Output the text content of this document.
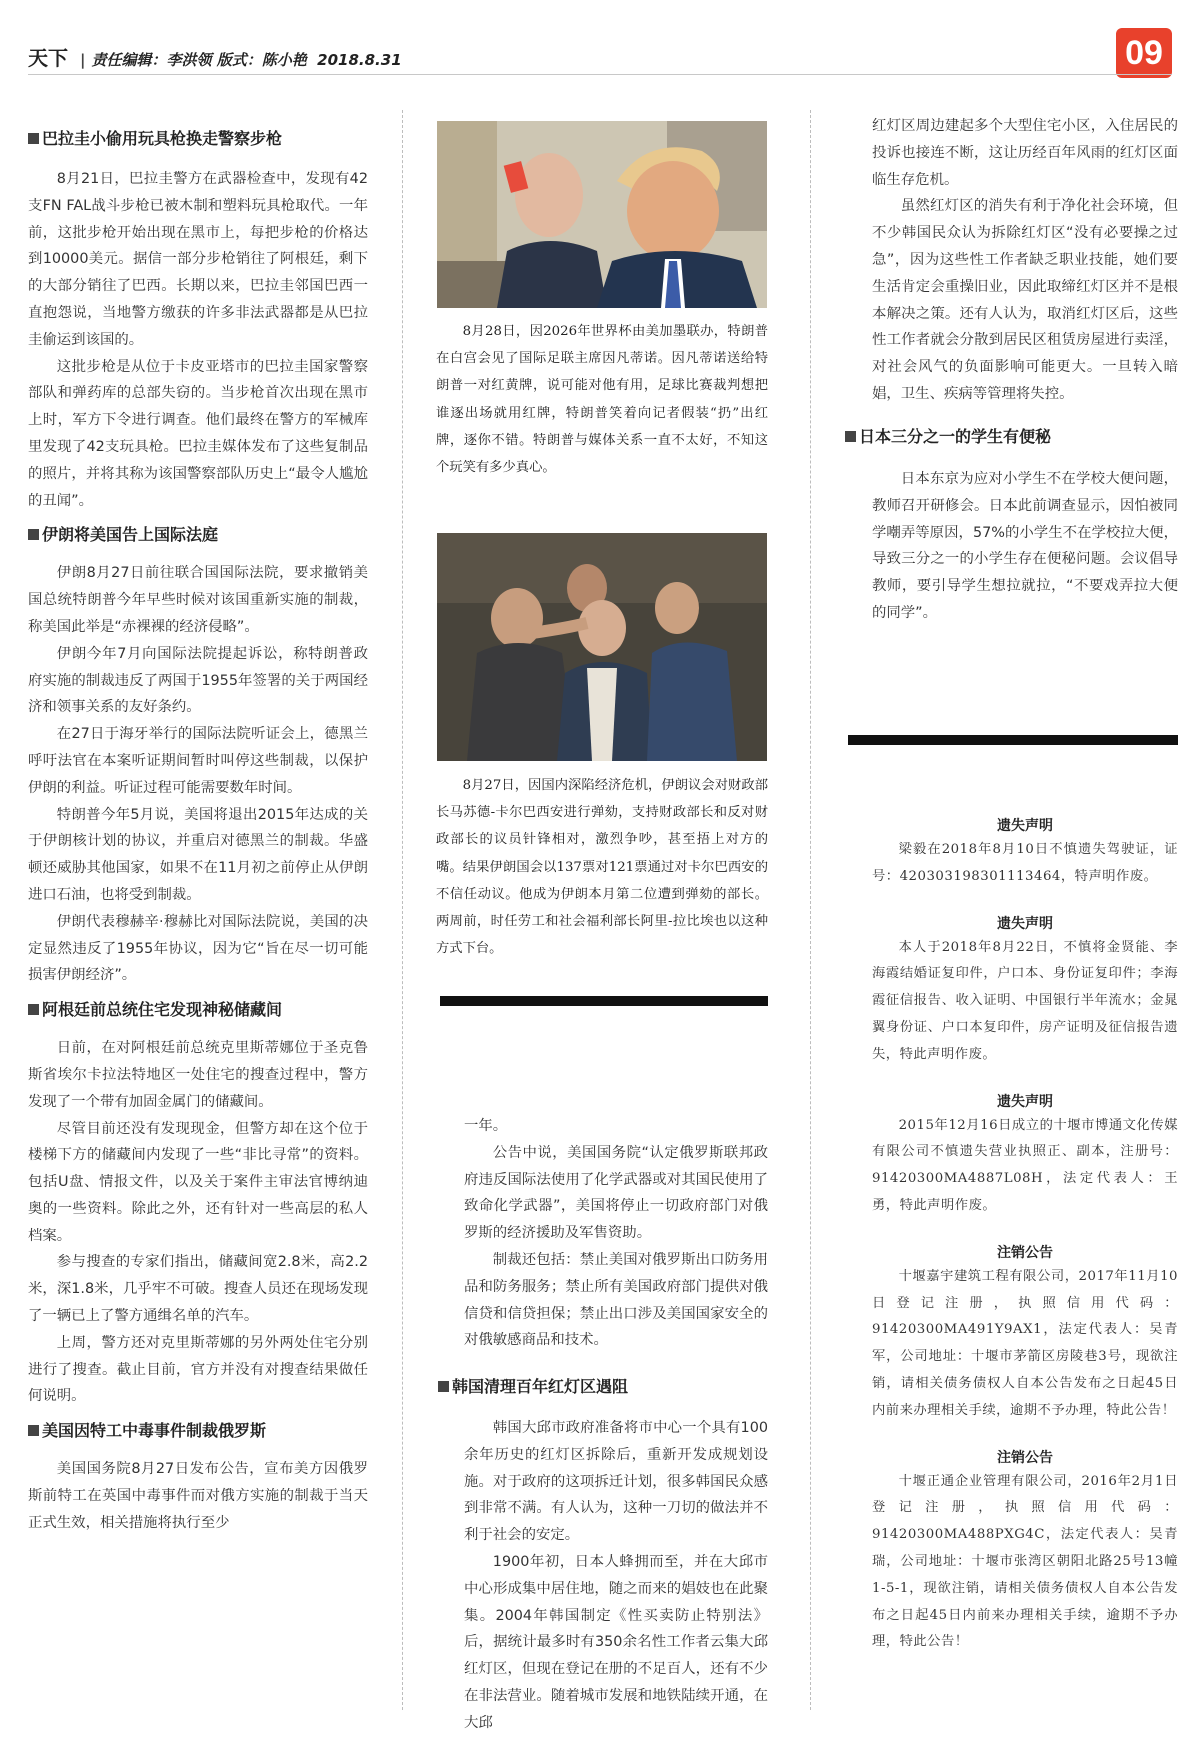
天下 | 责任编辑：李洪领 版式：陈小艳 2018.8.31	09
巴拉圭小偷用玩具枪换走警察步枪

8月21日，巴拉圭警方在武器检查中，发现有42支FN FAL战斗步枪已被木制和塑料玩具枪取代。一年前，这批步枪开始出现在黑市上，每把步枪的价格达到10000美元。据信一部分步枪销往了阿根廷，剩下的大部分销往了巴西。长期以来，巴拉圭邻国巴西一直抱怨说，当地警方缴获的许多非法武器都是从巴拉圭偷运到该国的。

这批步枪是从位于卡皮亚塔市的巴拉圭国家警察部队和弹药库的总部失窃的。当步枪首次出现在黑市上时，军方下令进行调查。他们最终在警方的军械库里发现了42支玩具枪。巴拉圭媒体发布了这些复制品的照片，并将其称为该国警察部队历史上“最令人尴尬的丑闻”。

伊朗将美国告上国际法庭

伊朗8月27日前往联合国国际法院，要求撤销美国总统特朗普今年早些时候对该国重新实施的制裁，称美国此举是“赤裸裸的经济侵略”。

伊朗今年7月向国际法院提起诉讼，称特朗普政府实施的制裁违反了两国于1955年签署的关于两国经济和领事关系的友好条约。

在27日于海牙举行的国际法院听证会上，德黑兰呼吁法官在本案听证期间暂时叫停这些制裁，以保护伊朗的利益。听证过程可能需要数年时间。

特朗普今年5月说，美国将退出2015年达成的关于伊朗核计划的协议，并重启对德黑兰的制裁。华盛顿还威胁其他国家，如果不在11月初之前停止从伊朗进口石油，也将受到制裁。

伊朗代表穆赫辛·穆赫比对国际法院说，美国的决定显然违反了1955年协议，因为它“旨在尽一切可能损害伊朗经济”。

阿根廷前总统住宅发现神秘储藏间

日前，在对阿根廷前总统克里斯蒂娜位于圣克鲁斯省埃尔卡拉法特地区一处住宅的搜查过程中，警方发现了一个带有加固金属门的储藏间。

尽管目前还没有发现现金，但警方却在这个位于楼梯下方的储藏间内发现了一些“非比寻常”的资料。包括U盘、情报文件，以及关于案件主审法官博纳迪奥的一些资料。除此之外，还有针对一些高层的私人档案。

参与搜查的专家们指出，储藏间宽2.8米，高2.2米，深1.8米，几乎牢不可破。搜查人员还在现场发现了一辆已上了警方通缉名单的汽车。

上周，警方还对克里斯蒂娜的另外两处住宅分别进行了搜查。截止目前，官方并没有对搜查结果做任何说明。

美国因特工中毒事件制裁俄罗斯

美国国务院8月27日发布公告，宣布美方因俄罗斯前特工在英国中毒事件而对俄方实施的制裁于当天正式生效，相关措施将执行至少

8月28日，因2026年世界杯由美加墨联办，特朗普在白宫会见了国际足联主席因凡蒂诺。因凡蒂诺送给特朗普一对红黄牌，说可能对他有用，足球比赛裁判想把谁逐出场就用红牌，特朗普笑着向记者假装“扔”出红牌，逐你不错。特朗普与媒体关系一直不太好，不知这个玩笑有多少真心。

8月27日，因国内深陷经济危机，伊朗议会对财政部长马苏德-卡尔巴西安进行弹劾，支持财政部长和反对财政部长的议员针锋相对，激烈争吵，甚至捂上对方的嘴。结果伊朗国会以137票对121票通过对卡尔巴西安的不信任动议。他成为伊朗本月第二位遭到弹劾的部长。两周前，时任劳工和社会福利部长阿里-拉比埃也以这种方式下台。

一年。

公告中说，美国国务院“认定俄罗斯联邦政府违反国际法使用了化学武器或对其国民使用了致命化学武器”，美国将停止一切政府部门对俄罗斯的经济援助及军售资助。

制裁还包括：禁止美国对俄罗斯出口防务用品和防务服务；禁止所有美国政府部门提供对俄信贷和信贷担保；禁止出口涉及美国国家安全的对俄敏感商品和技术。

韩国清理百年红灯区遇阻

韩国大邱市政府准备将市中心一个具有100余年历史的红灯区拆除后，重新开发成规划设施。对于政府的这项拆迁计划，很多韩国民众感到非常不满。有人认为，这种一刀切的做法并不利于社会的安定。

1900年初，日本人蜂拥而至，并在大邱市中心形成集中居住地，随之而来的娼妓也在此聚集。2004年韩国制定《性买卖防止特别法》后，据统计最多时有350余名性工作者云集大邱红灯区，但现在登记在册的不足百人，还有不少在非法营业。随着城市发展和地铁陆续开通，在大邱

红灯区周边建起多个大型住宅小区，入住居民的投诉也接连不断，这让历经百年风雨的红灯区面临生存危机。

虽然红灯区的消失有利于净化社会环境，但不少韩国民众认为拆除红灯区“没有必要操之过急”，因为这些性工作者缺乏职业技能，她们要生活肯定会重操旧业，因此取缔红灯区并不是根本解决之策。还有人认为，取消红灯区后，这些性工作者就会分散到居民区租赁房屋进行卖淫，对社会风气的负面影响可能更大。一旦转入暗娼，卫生、疾病等管理将失控。

日本三分之一的学生有便秘

日本东京为应对小学生不在学校大便问题，教师召开研修会。日本此前调查显示，因怕被同学嘲弄等原因，57%的小学生不在学校拉大便，导致三分之一的小学生存在便秘问题。会议倡导教师，要引导学生想拉就拉，“不要戏弄拉大便的同学”。

遗失声明

梁毅在2018年8月10日不慎遗失驾驶证，证号：420303198301113464，特声明作废。

遗失声明

本人于2018年8月22日，不慎将金贤能、李海霞结婚证复印件，户口本、身份证复印件；李海霞征信报告、收入证明、中国银行半年流水；金晁翼身份证、户口本复印件，房产证明及征信报告遗失，特此声明作废。

遗失声明

2015年12月16日成立的十堰市博通文化传媒有限公司不慎遗失营业执照正、副本，注册号：91420300MA4887L08H，法定代表人：王勇，特此声明作废。

注销公告

十堰嘉宇建筑工程有限公司，2017年11月10日登记注册，执照信用代码：91420300MA491Y9AX1，法定代表人：吴青军，公司地址：十堰市茅箭区房陵巷3号，现欲注销，请相关债务债权人自本公告发布之日起45日内前来办理相关手续，逾期不予办理，特此公告！

注销公告

十堰正通企业管理有限公司，2016年2月1日登记注册，执照信用代码：91420300MA488PXG4C，法定代表人：吴青瑞，公司地址：十堰市张湾区朝阳北路25号13幢1-5-1，现欲注销，请相关债务债权人自本公告发布之日起45日内前来办理相关手续，逾期不予办理，特此公告！
